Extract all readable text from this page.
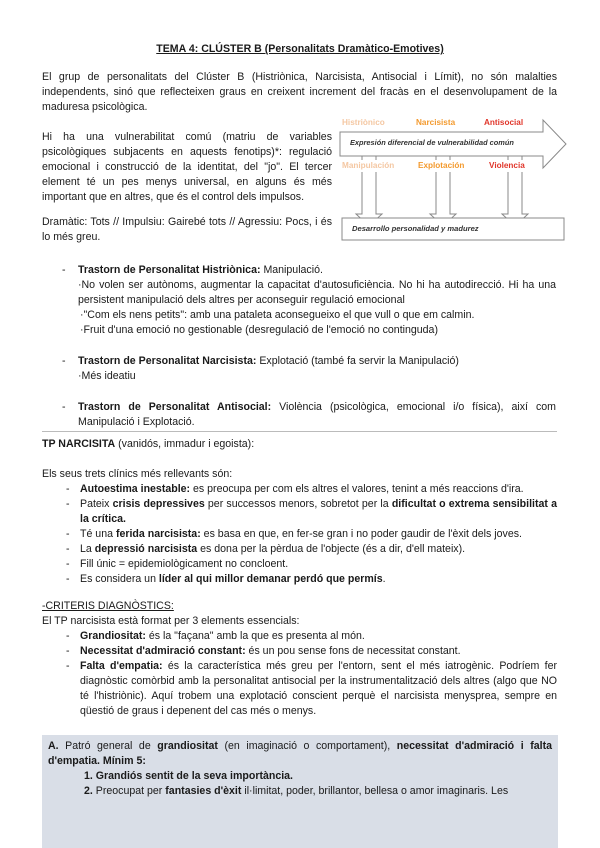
TEMA 4: CLÚSTER B (Personalitats Dramàtico-Emotives)
El grup de personalitats del Clúster B (Histriònica, Narcisista, Antisocial i Límit), no són malalties independents, sinó que reflecteixen graus en creixent increment del fracàs en el desenvolupament de la maduresa psicològica.
Hi ha una vulnerabilitat comú (matriu de variables psicològiques subjacents en aquests fenotips)*: regulació emocional i construcció de la identitat, del "jo". El tercer element té un pes menys universal, en alguns és més important que en altres, que és el control dels impulsos.
Dramàtic: Tots // Impulsiu: Gairebé tots // Agressiu: Pocs, i és lo més greu.
Histriònico	Narcisista	Antisocial
Expresión diferencial de vulnerabilidad común
Manipulación	Explotación	Violencia
Desarrollo personalidad y madurez
- Trastorn de Personalitat Histriònica: Manipulació.
·No volen ser autònoms, augmentar la capacitat d'autosuficiència. No hi ha autodirecció. Hi ha una persistent manipulació dels altres per aconseguir regulació emocional
·"Com els nens petits": amb una pataleta aconsegueixo el que vull o que em calmin.
·Fruit d'una emoció no gestionable (desregulació de l'emoció no continguda)
- Trastorn de Personalitat Narcisista: Explotació (també fa servir la Manipulació)
·Més ideatiu
- Trastorn de Personalitat Antisocial: Violència (psicològica, emocional i/o física), així com Manipulació i Explotació.
TP NARCISITA (vanidós, immadur i egoista):
Els seus trets clínics més rellevants són:
- Autoestima inestable: es preocupa per com els altres el valores, tenint a més reaccions d'ira.
- Pateix crisis depressives per successos menors, sobretot per la dificultat o extrema sensibilitat a la crítica.
- Té una ferida narcisista: es basa en que, en fer-se gran i no poder gaudir de l'èxit dels joves.
- La depressió narcisista es dona per la pèrdua de l'objecte (és a dir, d'ell mateix).
- Fill únic = epidemiològicament no concloent.
- Es considera un líder al qui millor demanar perdó que permís.
-CRITERIS DIAGNÒSTICS:
El TP narcisista està format per 3 elements essencials:
- Grandiositat: és la "façana" amb la que es presenta al món.
- Necessitat d'admiració constant: és un pou sense fons de necessitat constant.
- Falta d'empatia: és la característica més greu per l'entorn, sent el més iatrogènic. Podríem fer diagnòstic comòrbid amb la personalitat antisocial per la instrumentalització dels altres (algo que NO té l'histriònic). Aquí trobem una explotació conscient perquè el narcisista menysprea, sempre en qüestió de graus i depenent del cas més o menys.
A. Patró general de grandiositat (en imaginació o comportament), necessitat d'admiració i falta d'empatia. Mínim 5:
1. Grandiós sentit de la seva importància.
2. Preocupat per fantasies d'èxit il·limitat, poder, brillantor, bellesa o amor imaginaris. Les
